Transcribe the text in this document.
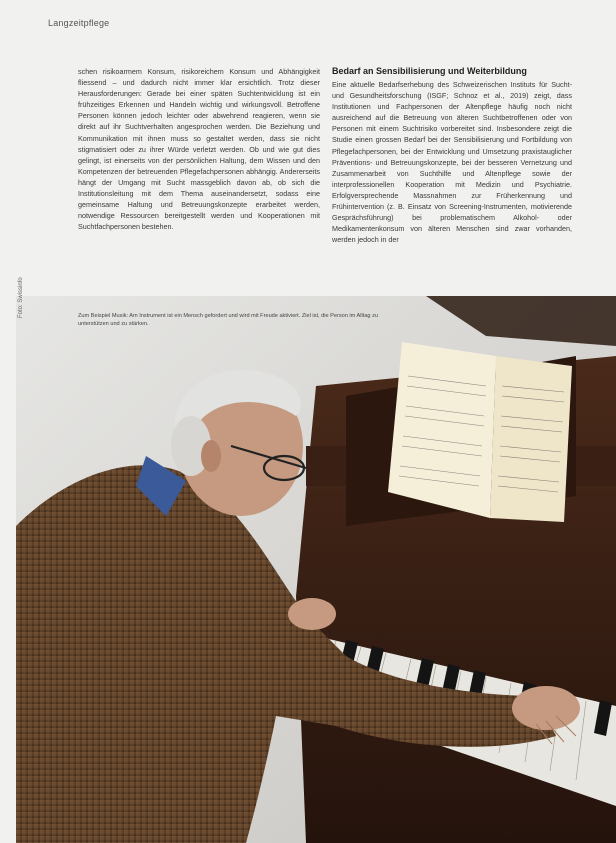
Langzeitpflege

schen risikoarmem Konsum, risikoreichem Konsum und Abhängigkeit fliessend – und dadurch nicht immer klar ersichtlich. Trotz dieser Herausforderungen: Gerade bei einer späten Suchtentwicklung ist ein frühzeitiges Erkennen und Handeln wichtig und wirkungsvoll. Betroffene Personen können jedoch leichter oder abwehrend reagieren, wenn sie direkt auf ihr Suchtverhalten angesprochen werden. Die Beziehung und Kommunikation mit ihnen muss so gestaltet werden, dass sie nicht stigmatisiert oder zu ihrer Würde verletzt werden. Ob und wie gut dies gelingt, ist einerseits von der persönlichen Haltung, dem Wissen und den Kompetenzen der betreuenden Pflegefachpersonen abhängig. Andererseits hängt der Umgang mit Sucht massgeblich davon ab, ob sich die Institutionsleitung mit dem Thema auseinandersetzt, sodass eine gemeinsame Haltung und Betreuungskonzepte erarbeitet werden, notwendige Ressourcen bereitgestellt werden und Kooperationen mit Suchtfachpersonen bestehen.

Bedarf an Sensibilisierung und Weiterbildung

Eine aktuelle Bedarfserhebung des Schweizerischen Instituts für Sucht- und Gesundheitsforschung (ISGF; Schnoz et al., 2019) zeigt, dass Institutionen und Fachpersonen der Altenpflege häufig noch nicht ausreichend auf die Betreuung von älteren Suchtbetroffenen oder von Personen mit einem Suchtrisiko vorbereitet sind. Insbesondere zeigt die Studie einen grossen Bedarf bei der Sensibilisierung und Fortbildung von Pflegefachpersonen, bei der Entwicklung und Umsetzung praxistauglicher Präventions- und Betreuungskonzepte, bei der besseren Vernetzung und Zusammenarbeit von Suchthilfe und Altenpflege sowie der interprofessionellen Kooperation mit Medizin und Psychiatrie. Erfolgversprechende Massnahmen zur Früherkennung und Frühintervention (z. B. Einsatz von Screening-Instrumenten, motivierende Gesprächsführung) bei problematischem Alkohol- oder Medikamentenkonsum von älteren Menschen sind zwar vorhanden, werden jedoch in der

Foto: Swissinfo	Zum Beispiel Musik: Am Instrument ist ein Mensch gefordert und wird mit Freude aktiviert. Ziel ist, die Person im Alltag zu unterstützen und zu stärken.
